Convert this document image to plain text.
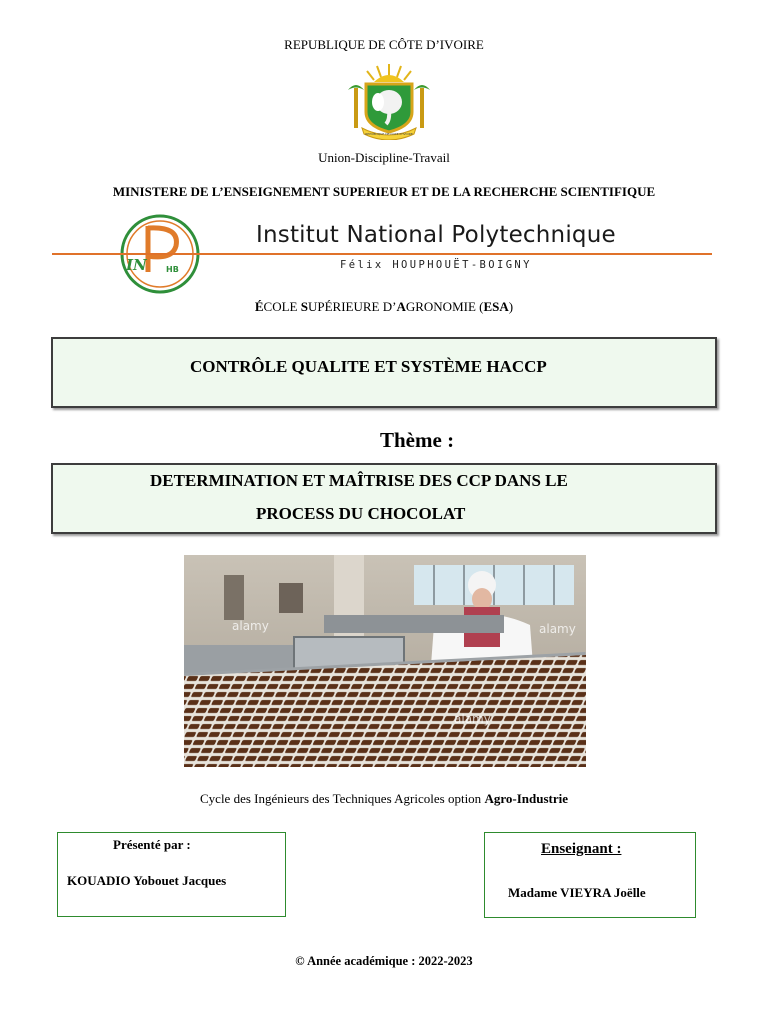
REPUBLIQUE DE CÔTE D’IVOIRE
REPUBLIQUE DE COTE D'IVOIRE
Union-Discipline-Travail
MINISTERE DE L’ENSEIGNEMENT SUPERIEUR ET DE LA RECHERCHE SCIENTIFIQUE
IN HB
Institut National Polytechnique
Félix HOUPHOUËT-BOIGNY
ÉCOLE SUPÉRIEURE D’AGRONOMIE (ESA)
CONTRÔLE QUALITE ET SYSTÈME HACCP
Thème :
DETERMINATION ET MAÎTRISE DES CCP DANS LE
PROCESS DU CHOCOLAT
alamy	alamy
alamy
Cycle des Ingénieurs des Techniques Agricoles option Agro-Industrie
Présenté par :
KOUADIO Yobouet Jacques
Enseignant :
Madame VIEYRA Joëlle
© Année académique : 2022-2023
